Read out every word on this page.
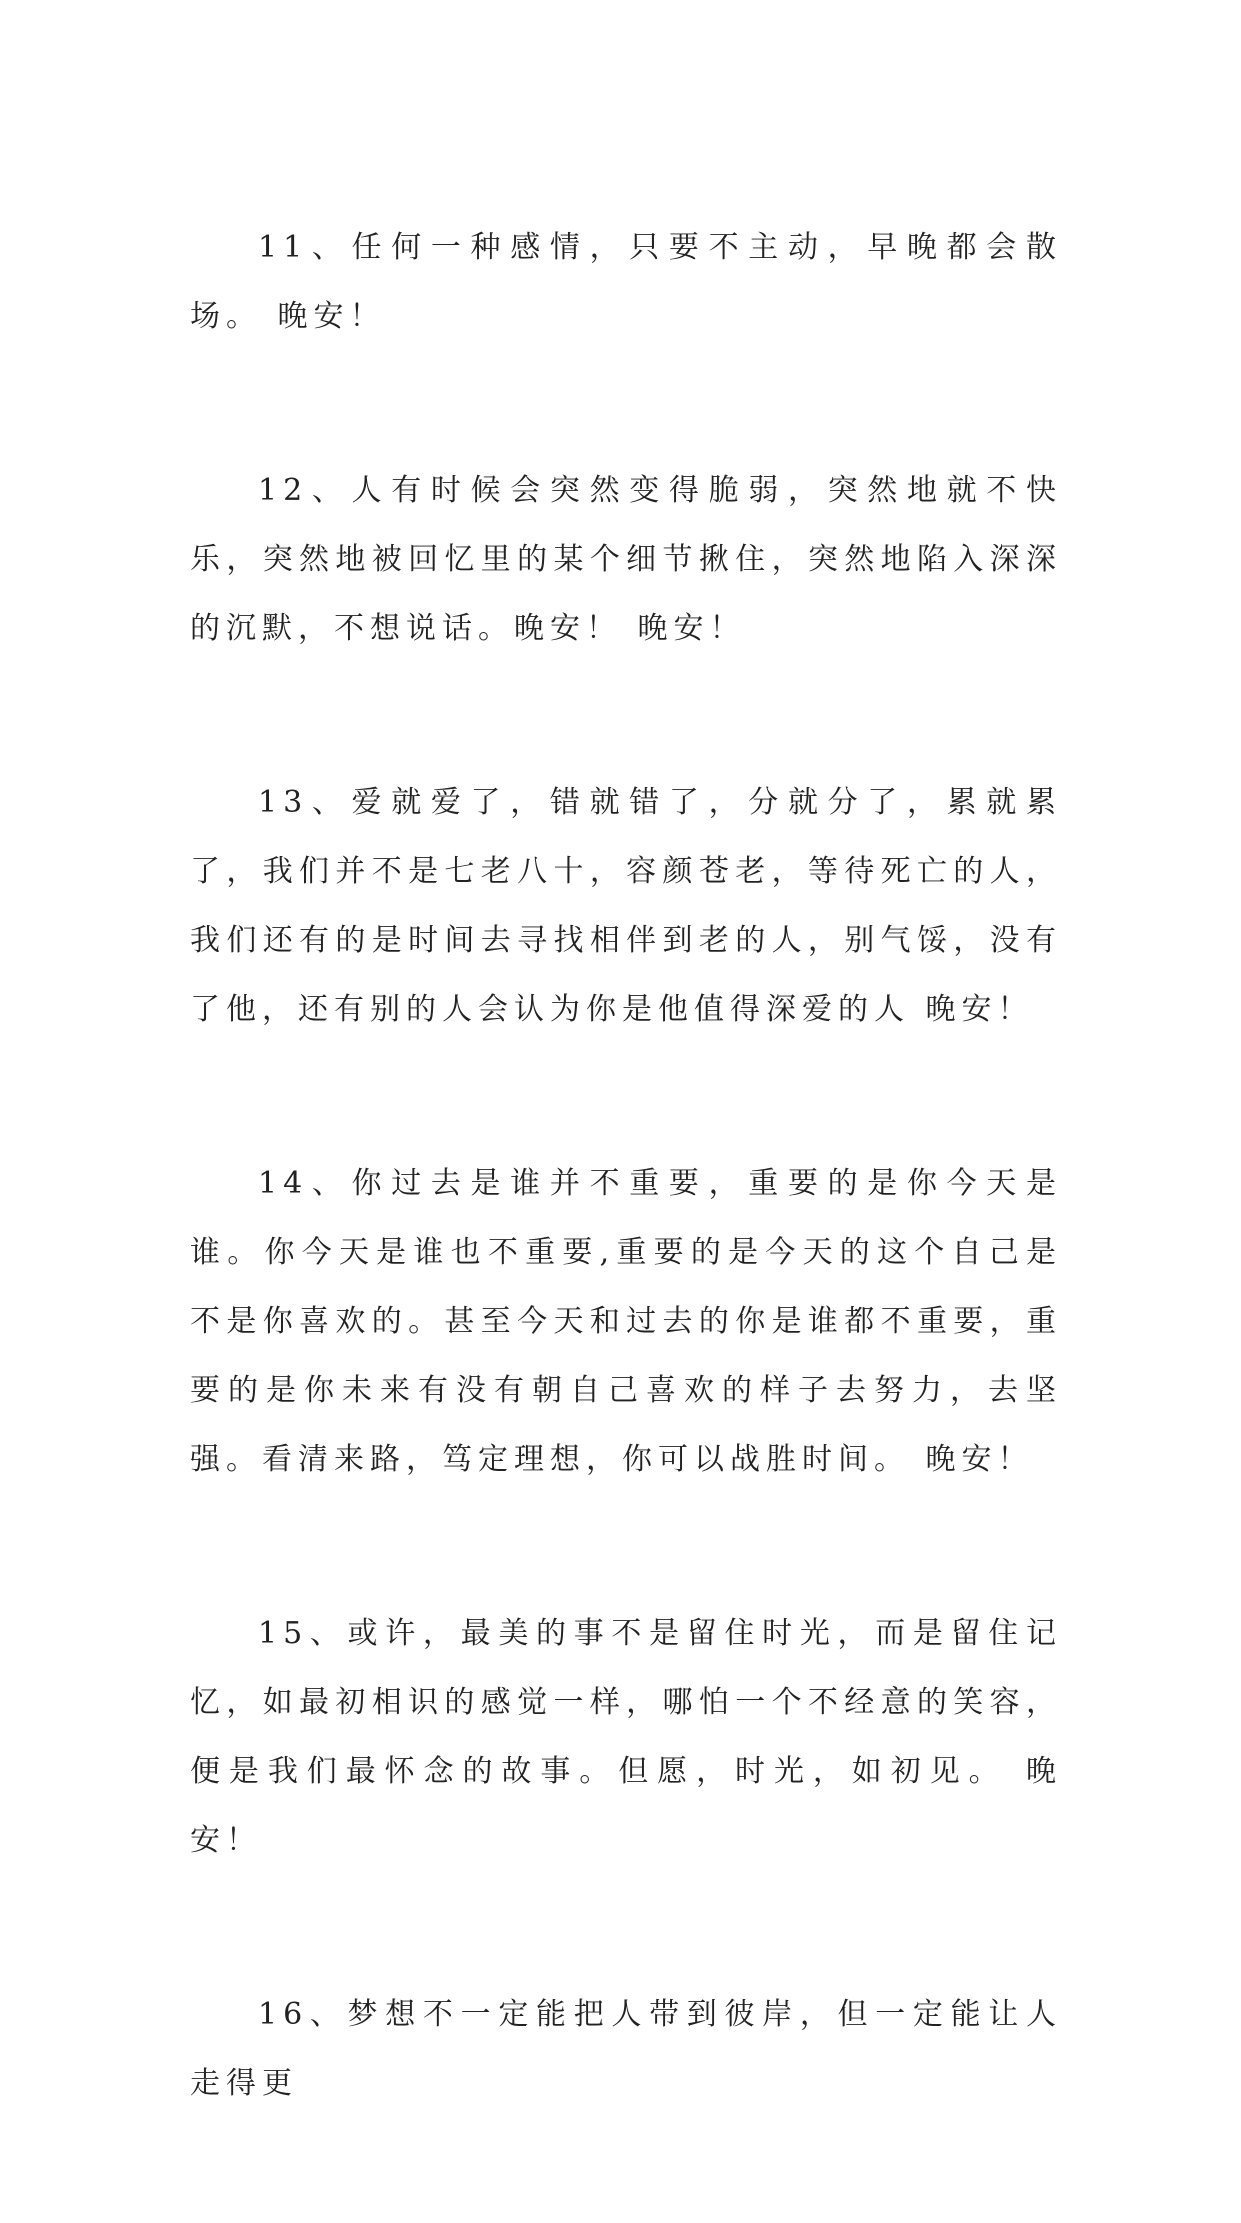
11、任何一种感情，只要不主动，早晚都会散场。 晚安！

12、人有时候会突然变得脆弱，突然地就不快乐，突然地被回忆里的某个细节揪住，突然地陷入深深的沉默，不想说话。晚安！ 晚安！

13、爱就爱了，错就错了，分就分了，累就累了，我们并不是七老八十，容颜苍老，等待死亡的人，我们还有的是时间去寻找相伴到老的人，别气馁，没有了他，还有别的人会认为你是他值得深爱的人 晚安！

14、你过去是谁并不重要，重要的是你今天是谁。你今天是谁也不重要,重要的是今天的这个自己是不是你喜欢的。甚至今天和过去的你是谁都不重要，重要的是你未来有没有朝自己喜欢的样子去努力，去坚强。看清来路，笃定理想，你可以战胜时间。 晚安！

15、或许，最美的事不是留住时光，而是留住记忆，如最初相识的感觉一样，哪怕一个不经意的笑容，便是我们最怀念的故事。但愿，时光，如初见。 晚安！

16、梦想不一定能把人带到彼岸，但一定能让人走得更
